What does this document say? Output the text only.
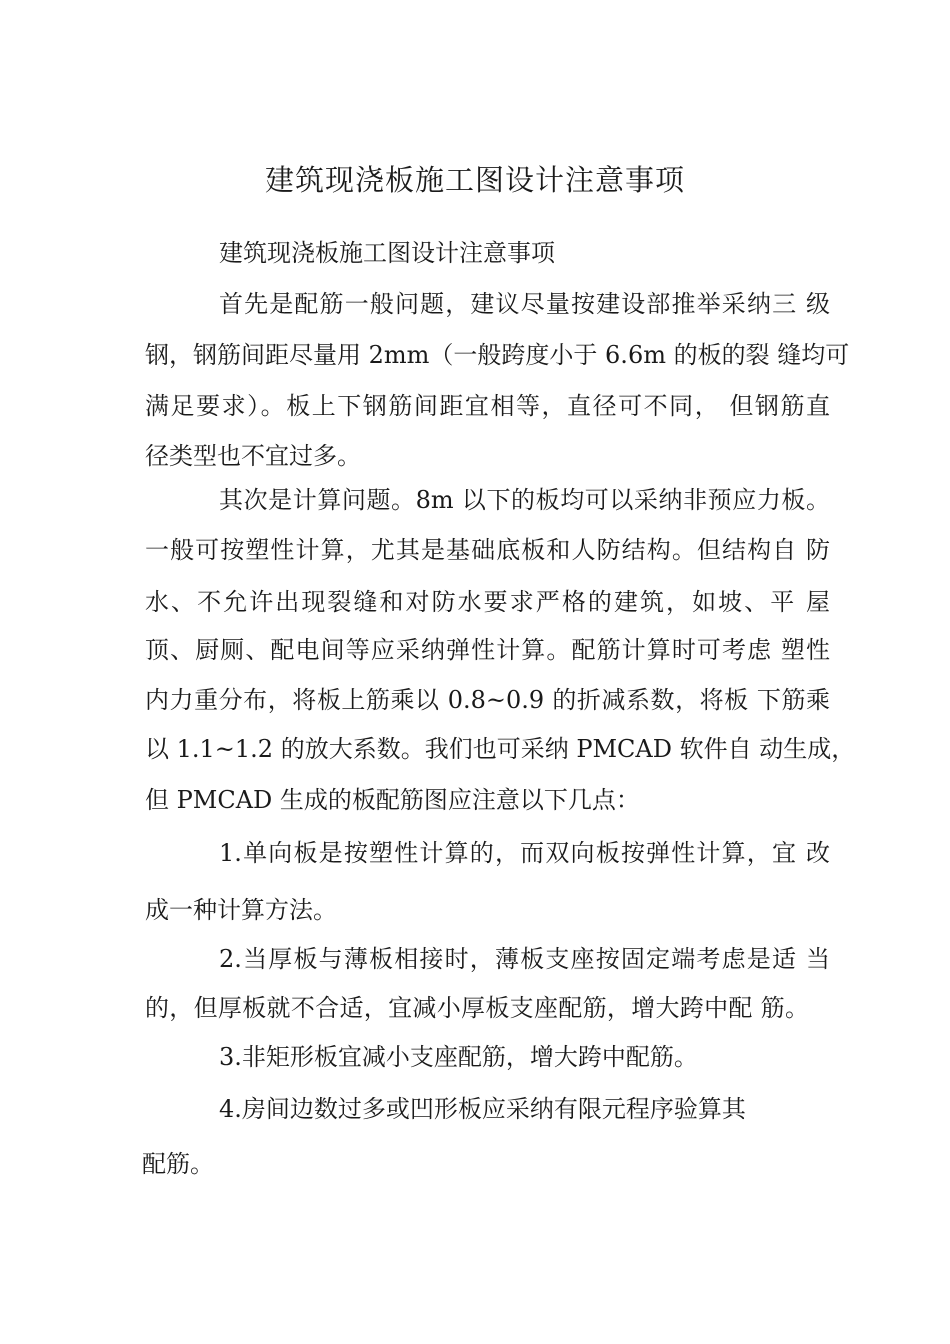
建筑现浇板施工图设计注意事项
建筑现浇板施工图设计注意事项
首先是配筋一般问题，建议尽量按建设部推举采纳三 级
钢，钢筋间距尽量用 2mm（一般跨度小于 6.6m 的板的裂 缝均可
满足要求）。板上下钢筋间距宜相等，直径可不同， 但钢筋直
径类型也不宜过多。
其次是计算问题。8m 以下的板均可以采纳非预应力板。
一般可按塑性计算，尤其是基础底板和人防结构。但结构自 防
水、不允许出现裂缝和对防水要求严格的建筑，如坡、平 屋
顶、厨厕、配电间等应采纳弹性计算。配筋计算时可考虑 塑性
内力重分布，将板上筋乘以 0.8~0.9 的折减系数，将板 下筋乘
以 1.1~1.2 的放大系数。我们也可采纳 PMCAD 软件自 动生成，
但 PMCAD 生成的板配筋图应注意以下几点：
1.单向板是按塑性计算的，而双向板按弹性计算，宜 改
成一种计算方法。
2.当厚板与薄板相接时，薄板支座按固定端考虑是适 当
的，但厚板就不合适，宜减小厚板支座配筋，增大跨中配 筋。
3.非矩形板宜减小支座配筋，增大跨中配筋。
4.房间边数过多或凹形板应采纳有限元程序验算其
配筋。
